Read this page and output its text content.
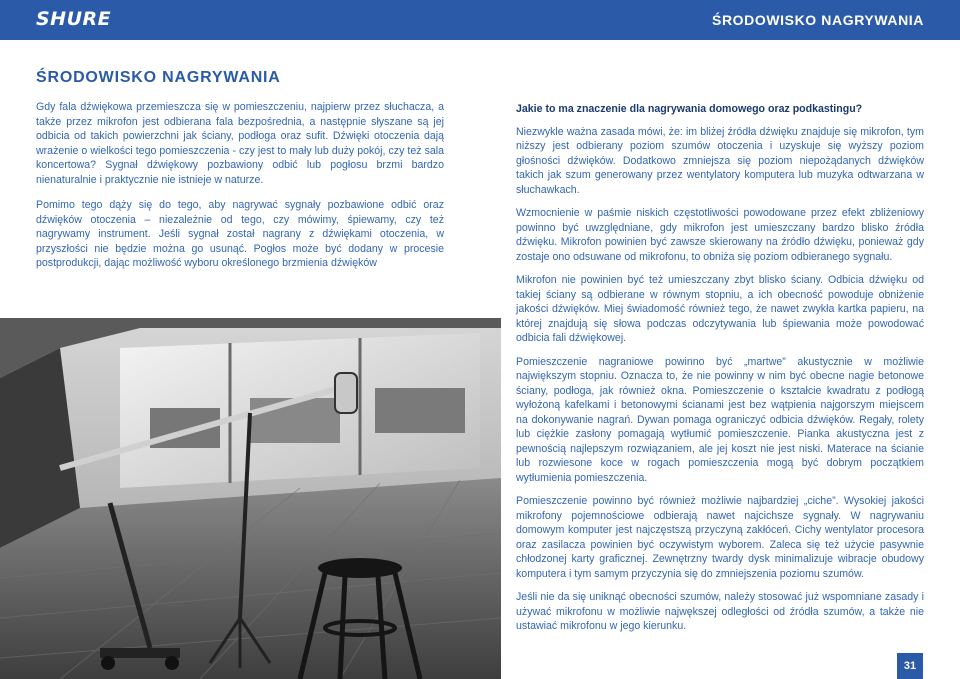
SHURE	ŚRODOWISKO NAGRYWANIA
ŚRODOWISKO NAGRYWANIA

Gdy fala dźwiękowa przemieszcza się w pomieszczeniu, najpierw przez słuchacza, a także przez mikrofon jest odbierana fala bezpośrednia, a następnie słyszane są jej odbicia od takich powierzchni jak ściany, podłoga oraz sufit. Dźwięki otoczenia dają wrażenie o wielkości tego pomieszczenia - czy jest to mały lub duży pokój, czy też sala koncertowa? Sygnał dźwiękowy pozbawiony odbić lub pogłosu brzmi bardzo nienaturalnie i praktycznie nie istnieje w naturze.

Pomimo tego dąży się do tego, aby nagrywać sygnały pozbawione odbić oraz dźwięków otoczenia – niezależnie od tego, czy mówimy, śpiewamy, czy też nagrywamy instrument. Jeśli sygnał został nagrany z dźwiękami otoczenia, w przyszłości nie będzie można go usunąć. Pogłos może być dodany w procesie postprodukcji, dając możliwość wyboru określonego brzmienia dźwięków

Jakie to ma znaczenie dla nagrywania domowego oraz podkastingu?

Niezwykle ważna zasada mówi, że: im bliżej źródła dźwięku znajduje się mikrofon, tym niższy jest odbierany poziom szumów otoczenia i uzyskuje się wyższy poziom głośności dźwięków. Dodatkowo zmniejsza się poziom niepożądanych dźwięków takich jak szum generowany przez wentylatory komputera lub muzyka odtwarzana w słuchawkach.

Wzmocnienie w paśmie niskich częstotliwości powodowane przez efekt zbliżeniowy powinno być uwzględniane, gdy mikrofon jest umieszczany bardzo blisko źródła dźwięku. Mikrofon powinien być zawsze skierowany na źródło dźwięku, ponieważ gdy zostaje ono odsuwane od mikrofonu, to obniża się poziom odbieranego sygnału.

Mikrofon nie powinien być też umieszczany zbyt blisko ściany. Odbicia dźwięku od takiej ściany są odbierane w równym stopniu, a ich obecność powoduje obniżenie jakości dźwięków. Miej świadomość również tego, że nawet zwykła kartka papieru, na której znajdują się słowa podczas odczytywania lub śpiewania może powodować odbicia fali dźwiękowej.

Pomieszczenie nagraniowe powinno być „martwe” akustycznie w możliwie największym stopniu. Oznacza to, że nie powinny w nim być obecne nagie betonowe ściany, podłoga, jak również okna. Pomieszczenie o kształcie kwadratu z podłogą wyłożoną kafelkami i betonowymi ścianami jest bez wątpienia najgorszym miejscem na dokonywanie nagrań. Dywan pomaga ograniczyć odbicia dźwięków. Regały, rolety lub ciężkie zasłony pomagają wytłumić pomieszczenie. Pianka akustyczna jest z pewnością najlepszym rozwiązaniem, ale jej koszt nie jest niski. Materace na ścianie lub rozwiesone koce w rogach pomieszczenia mogą być dobrym początkiem wytłumienia pomieszczenia.

Pomieszczenie powinno być również możliwie najbardziej „ciche”. Wysokiej jakości mikrofony pojemnościowe odbierają nawet najcichsze sygnały. W nagrywaniu domowym komputer jest najczęstszą przyczyną zakłóceń. Cichy wentylator procesora oraz zasilacza powinien być oczywistym wyborem. Zaleca się też użycie pasywnie chłodzonej karty graficznej. Zewnętrzny twardy dysk minimalizuje wibracje obudowy komputera i tym samym przyczynia się do zmniejszenia poziomu szumów.

Jeśli nie da się uniknąć obecności szumów, należy stosować już wspomniane zasady i używać mikrofonu w możliwie najwększej odległości od źródła szumów, a także nie ustawiać mikrofonu w jego kierunku.

31
